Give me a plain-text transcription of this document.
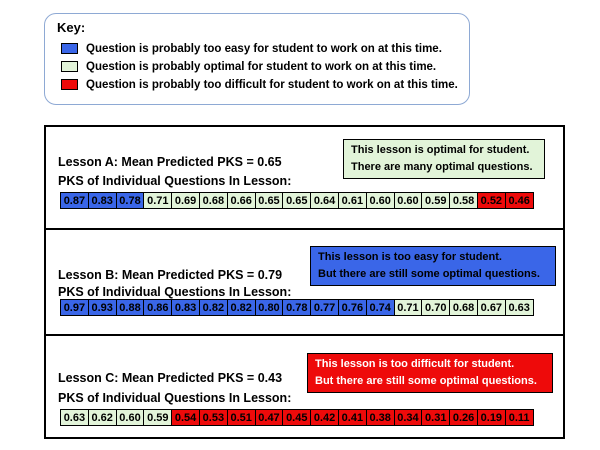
Key:
Question is probably too easy for student to work on at this time.
Question is probably optimal for student to work on at this time.
Question is probably too difficult for student to work on at this time.
Lesson A: Mean Predicted PKS = 0.65
PKS of Individual Questions In Lesson:
This lesson is optimal for student.
There are many optimal questions.
0.87 0.83 0.78 0.71 0.69 0.68 0.66 0.65 0.65 0.64 0.61 0.60 0.60 0.59 0.58 0.52 0.46
Lesson B: Mean Predicted PKS = 0.79
PKS of Individual Questions In Lesson:
This lesson is too easy for student.
But there are still some optimal questions.
0.97 0.93 0.88 0.86 0.83 0.82 0.82 0.80 0.78 0.77 0.76 0.74 0.71 0.70 0.68 0.67 0.63
Lesson C: Mean Predicted PKS = 0.43
PKS of Individual Questions In Lesson:
This lesson is too difficult for student.
But there are still some optimal questions.
0.63 0.62 0.60 0.59 0.54 0.53 0.51 0.47 0.45 0.42 0.41 0.38 0.34 0.31 0.26 0.19 0.11
